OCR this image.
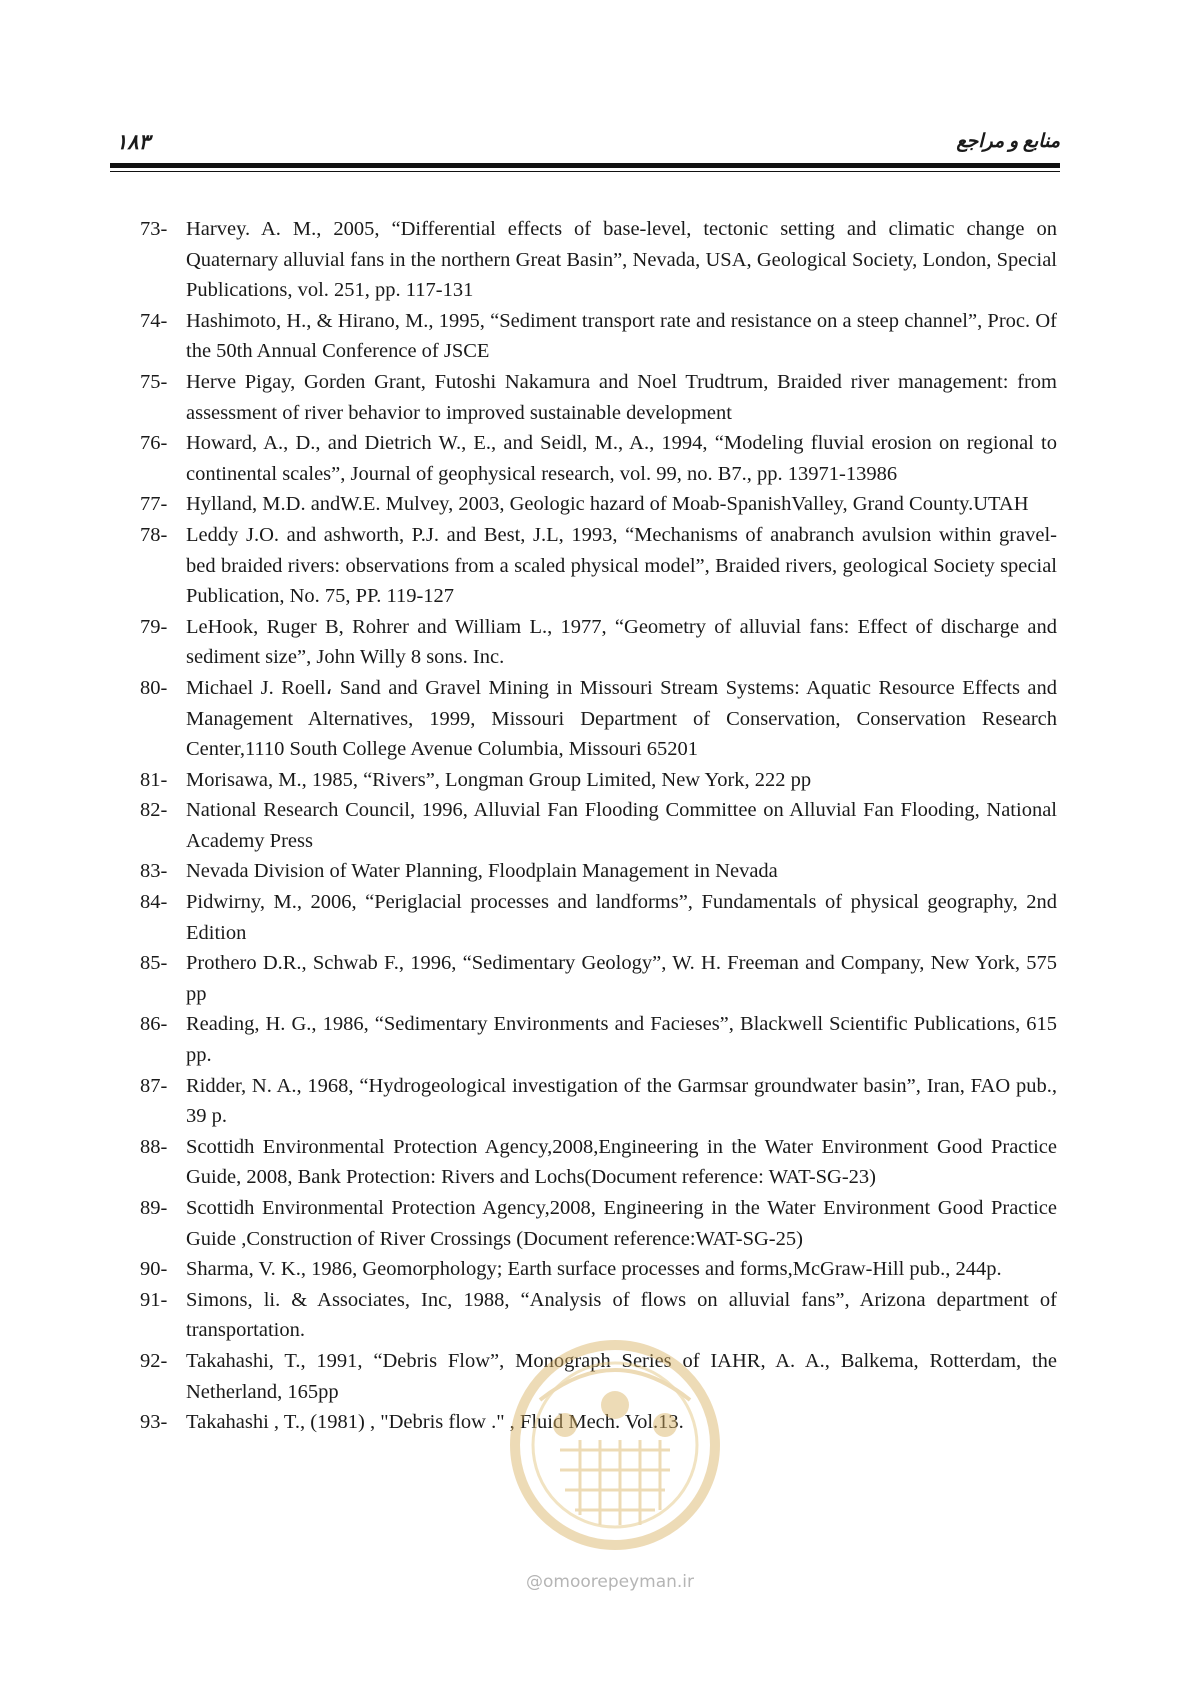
۱۸۳	منابع و مراجع
73- Harvey. A. M., 2005, “Differential effects of base-level, tectonic setting and climatic change on Quaternary alluvial fans in the northern Great Basin”, Nevada, USA, Geological Society, London, Special Publications, vol. 251, pp. 117-131
74- Hashimoto, H., & Hirano, M., 1995, “Sediment transport rate and resistance on a steep channel”, Proc. Of the 50th Annual Conference of JSCE
75- Herve Pigay, Gorden Grant, Futoshi Nakamura and Noel Trudtrum, Braided river management: from assessment of river behavior to improved sustainable development
76- Howard, A., D., and Dietrich W., E., and Seidl, M., A., 1994, “Modeling fluvial erosion on regional to continental scales”, Journal of geophysical research, vol. 99, no. B7., pp. 13971-13986
77- Hylland, M.D. andW.E. Mulvey, 2003, Geologic hazard of Moab-SpanishValley, Grand County.UTAH
78- Leddy J.O. and ashworth, P.J. and Best, J.L, 1993, “Mechanisms of anabranch avulsion within gravel- bed braided rivers: observations from a scaled physical model”, Braided rivers, geological Society special Publication, No. 75, PP. 119-127
79- LeHook, Ruger B, Rohrer and William L., 1977, “Geometry of alluvial fans: Effect of discharge and sediment size”, John Willy 8 sons. Inc.
80- Michael J. Roell، Sand and Gravel Mining in Missouri Stream Systems: Aquatic Resource Effects and Management Alternatives, 1999, Missouri Department of Conservation, Conservation Research Center,1110 South College Avenue Columbia, Missouri 65201
81- Morisawa, M., 1985, “Rivers”, Longman Group Limited, New York, 222 pp
82- National Research Council, 1996, Alluvial Fan Flooding Committee on Alluvial Fan Flooding, National Academy Press
83- Nevada Division of Water Planning, Floodplain Management in Nevada
84- Pidwirny, M., 2006, “Periglacial processes and landforms”, Fundamentals of physical geography, 2nd Edition
85- Prothero D.R., Schwab F., 1996, “Sedimentary Geology”, W. H. Freeman and Company, New York, 575 pp
86- Reading, H. G., 1986, “Sedimentary Environments and Facieses”, Blackwell Scientific Publications, 615 pp.
87- Ridder, N. A., 1968, “Hydrogeological investigation of the Garmsar groundwater basin”, Iran, FAO pub., 39 p.
88- Scottidh Environmental Protection Agency,2008,Engineering in the Water Environment Good Practice Guide, 2008, Bank Protection: Rivers and Lochs(Document reference: WAT-SG-23)
89- Scottidh Environmental Protection Agency,2008, Engineering in the Water Environment Good Practice Guide ,Construction of River Crossings (Document reference:WAT-SG-25)
90- Sharma, V. K., 1986, Geomorphology; Earth surface processes and forms,McGraw-Hill pub., 244p.
91- Simons, li. & Associates, Inc, 1988, “Analysis of flows on alluvial fans”, Arizona department of transportation.
92- Takahashi, T., 1991, “Debris Flow”, Monograph Series of IAHR, A. A., Balkema, Rotterdam, the Netherland, 165pp
93- Takahashi , T., (1981) , "Debris flow ." , Fluid Mech. Vol.13.
@omoorepeyman.ir
